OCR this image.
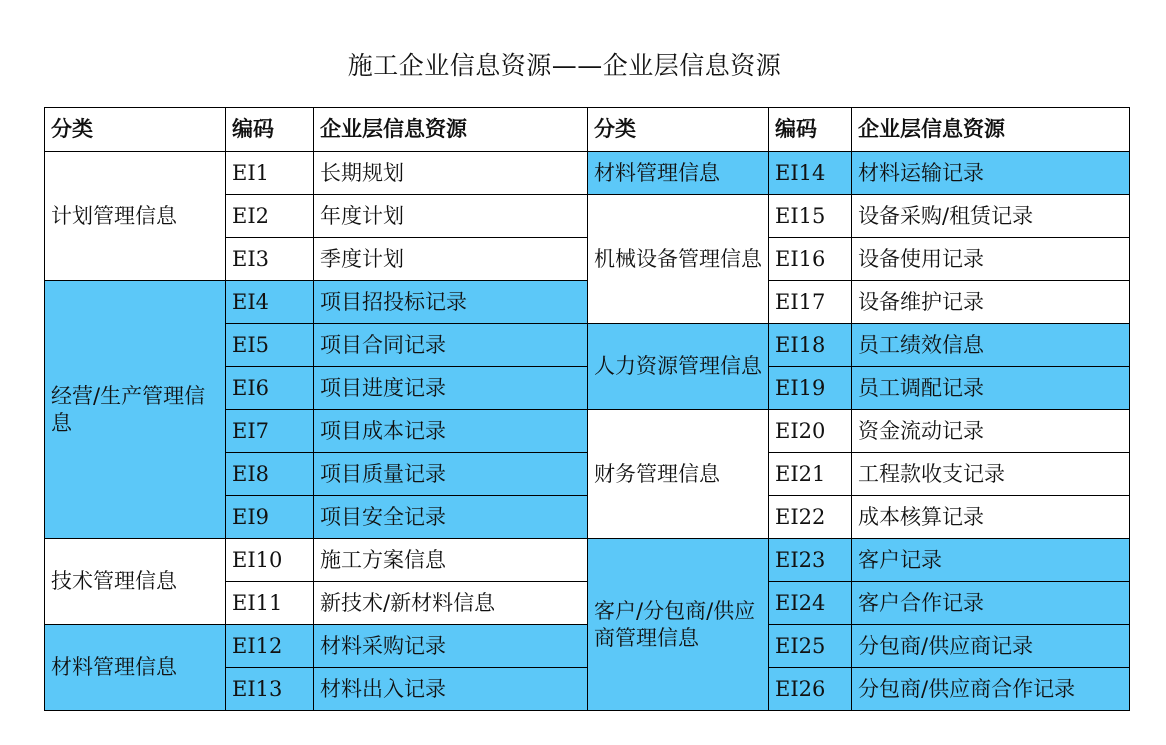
施工企业信息资源——企业层信息资源
分类	编码	企业层信息资源	分类	编码	企业层信息资源
计划管理信息	EI1	长期规划	材料管理信息	EI14	材料运输记录
	EI2	年度计划	机械设备管理信息	EI15	设备采购/租赁记录
	EI3	季度计划		EI16	设备使用记录
经营/生产管理信息	EI4	项目招投标记录		EI17	设备维护记录
	EI5	项目合同记录	人力资源管理信息	EI18	员工绩效信息
	EI6	项目进度记录		EI19	员工调配记录
	EI7	项目成本记录	财务管理信息	EI20	资金流动记录
	EI8	项目质量记录		EI21	工程款收支记录
	EI9	项目安全记录		EI22	成本核算记录
技术管理信息	EI10	施工方案信息	客户/分包商/供应商管理信息	EI23	客户记录
	EI11	新技术/新材料信息		EI24	客户合作记录
材料管理信息	EI12	材料采购记录		EI25	分包商/供应商记录
	EI13	材料出入记录		EI26	分包商/供应商合作记录
